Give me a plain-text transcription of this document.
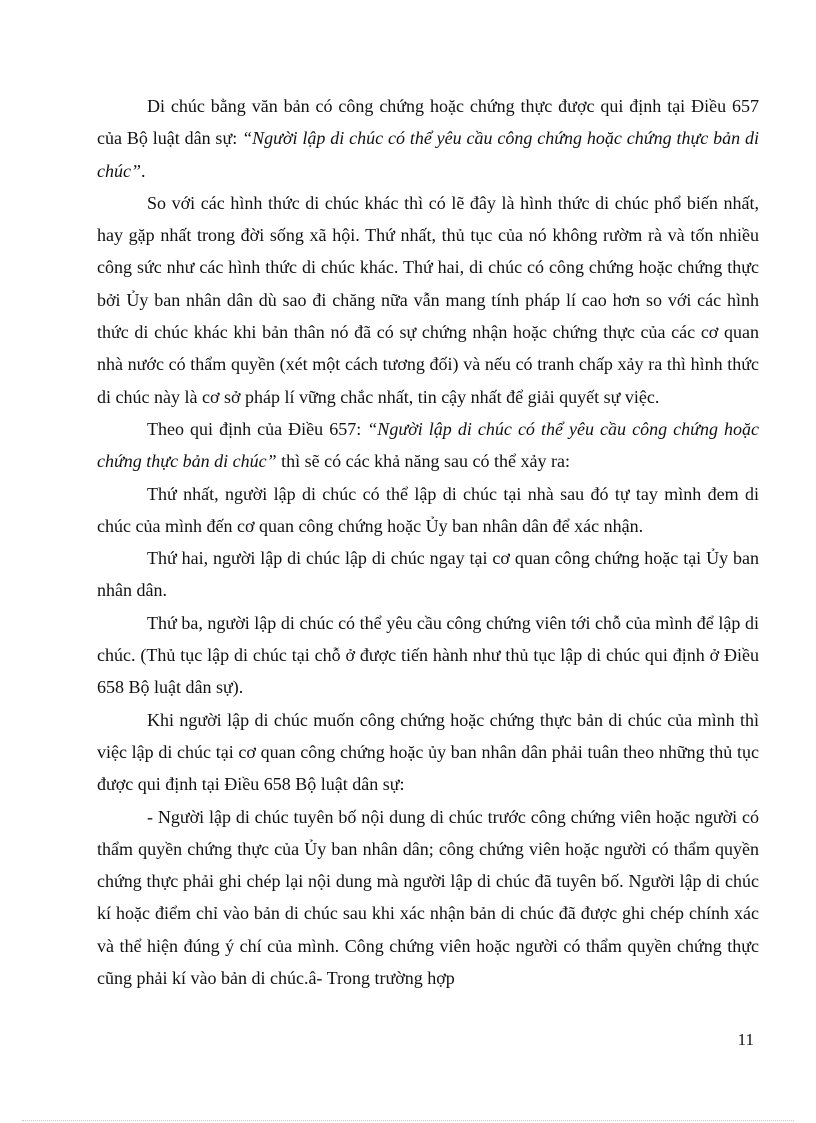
Di chúc bằng văn bản có công chứng hoặc chứng thực được qui định tại Điều 657 của Bộ luật dân sự: “Người lập di chúc có thể yêu cầu công chứng hoặc chứng thực bản di chúc”.

So với các hình thức di chúc khác thì có lẽ đây là hình thức di chúc phổ biến nhất, hay gặp nhất trong đời sống xã hội. Thứ nhất, thủ tục của nó không rườm rà và tốn nhiều công sức như các hình thức di chúc khác. Thứ hai, di chúc có công chứng hoặc chứng thực bởi Ủy ban nhân dân dù sao đi chăng nữa vẫn mang tính pháp lí cao hơn so với các hình thức di chúc khác khi bản thân nó đã có sự chứng nhận hoặc chứng thực của các cơ quan nhà nước có thẩm quyền (xét một cách tương đối) và nếu có tranh chấp xảy ra thì hình thức di chúc này là cơ sở pháp lí vững chắc nhất, tin cậy nhất để giải quyết sự việc.

Theo qui định của Điều 657: “Người lập di chúc có thể yêu cầu công chứng hoặc chứng thực bản di chúc” thì sẽ có các khả năng sau có thể xảy ra:

Thứ nhất, người lập di chúc có thể lập di chúc tại nhà sau đó tự tay mình đem di chúc của mình đến cơ quan công chứng hoặc Ủy ban nhân dân để xác nhận.

Thứ hai, người lập di chúc lập di chúc ngay tại cơ quan công chứng hoặc tại Ủy ban nhân dân.

Thứ ba, người lập di chúc có thể yêu cầu công chứng viên tới chỗ của mình để lập di chúc. (Thủ tục lập di chúc tại chỗ ở được tiến hành như thủ tục lập di chúc qui định ở Điều 658 Bộ luật dân sự).

Khi người lập di chúc muốn công chứng hoặc chứng thực bản di chúc của mình thì việc lập di chúc tại cơ quan công chứng hoặc ủy ban nhân dân phải tuân theo những thủ tục được qui định tại Điều 658 Bộ luật dân sự:

- Người lập di chúc tuyên bố nội dung di chúc trước công chứng viên hoặc người có thẩm quyền chứng thực của Ủy ban nhân dân; công chứng viên hoặc người có thẩm quyền chứng thực phải ghi chép lại nội dung mà người lập di chúc đã tuyên bố. Người lập di chúc kí hoặc điểm chỉ vào bản di chúc sau khi xác nhận bản di chúc đã được ghi chép chính xác và thể hiện đúng ý chí của mình. Công chứng viên hoặc người có thẩm quyền chứng thực cũng phải kí vào bản di chúc.â- Trong trường hợp

11
